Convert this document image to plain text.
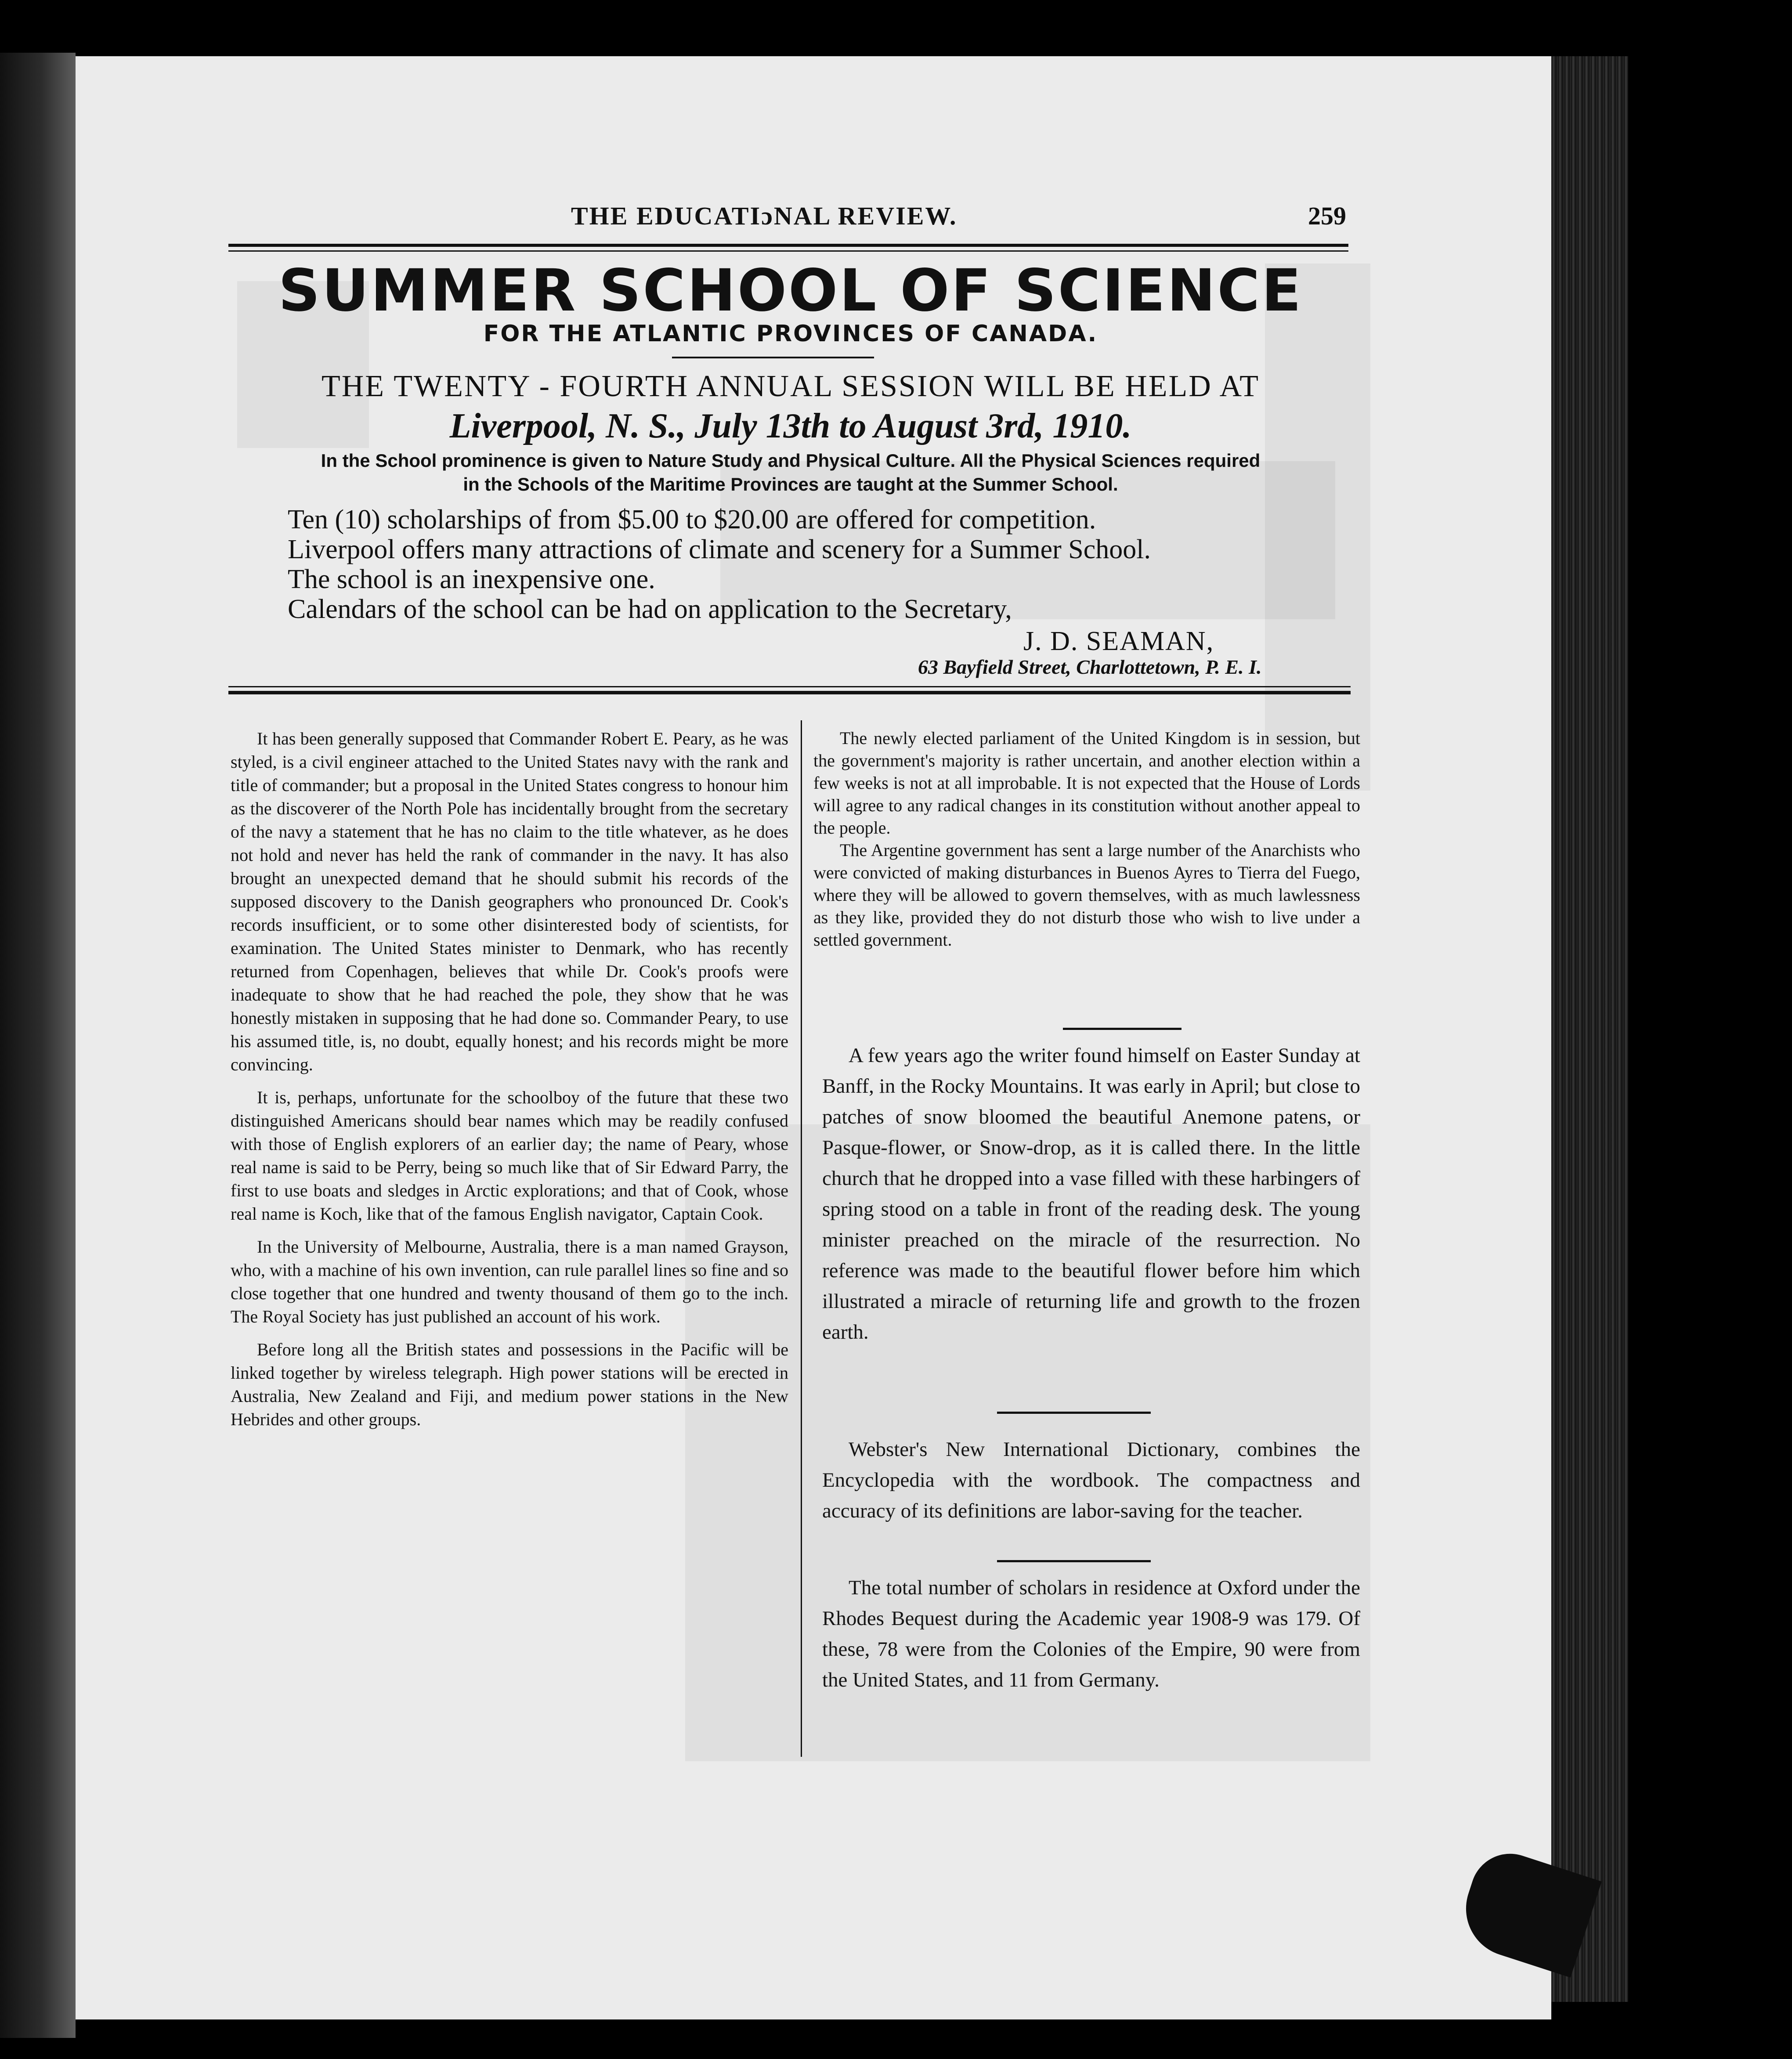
THE EDUCATIɔNAL REVIEW.	259
SUMMER SCHOOL OF SCIENCE
FOR THE ATLANTIC PROVINCES OF CANADA.
THE TWENTY - FOURTH ANNUAL SESSION WILL BE HELD AT
Liverpool, N. S., July 13th to August 3rd, 1910.
In the School prominence is given to Nature Study and Physical Culture. All the Physical Sciences required
in the Schools of the Maritime Provinces are taught at the Summer School.
Ten (10) scholarships of from $5.00 to $20.00 are offered for competition.
Liverpool offers many attractions of climate and scenery for a Summer School.
The school is an inexpensive one.
Calendars of the school can be had on application to the Secretary,
J. D. SEAMAN,
63 Bayfield Street, Charlottetown, P. E. I.

It has been generally supposed that Commander Robert E. Peary, as he was styled, is a civil engineer attached to the United States navy with the rank and title of commander; but a proposal in the United States congress to honour him as the discoverer of the North Pole has incidentally brought from the secretary of the navy a statement that he has no claim to the title whatever, as he does not hold and never has held the rank of commander in the navy. It has also brought an unexpected demand that he should submit his records of the supposed discovery to the Danish geographers who pronounced Dr. Cook's records insufficient, or to some other disinterested body of scientists, for examination. The United States minister to Denmark, who has recently returned from Copenhagen, believes that while Dr. Cook's proofs were inadequate to show that he had reached the pole, they show that he was honestly mistaken in supposing that he had done so. Commander Peary, to use his assumed title, is, no doubt, equally honest; and his records might be more convincing.

It is, perhaps, unfortunate for the schoolboy of the future that these two distinguished Americans should bear names which may be readily confused with those of English explorers of an earlier day; the name of Peary, whose real name is said to be Perry, being so much like that of Sir Edward Parry, the first to use boats and sledges in Arctic explorations; and that of Cook, whose real name is Koch, like that of the famous English navigator, Captain Cook.

In the University of Melbourne, Australia, there is a man named Grayson, who, with a machine of his own invention, can rule parallel lines so fine and so close together that one hundred and twenty thousand of them go to the inch. The Royal Society has just published an account of his work.

Before long all the British states and possessions in the Pacific will be linked together by wireless telegraph. High power stations will be erected in Australia, New Zealand and Fiji, and medium power stations in the New Hebrides and other groups.

The newly elected parliament of the United Kingdom is in session, but the government's majority is rather uncertain, and another election within a few weeks is not at all improbable. It is not expected that the House of Lords will agree to any radical changes in its constitution without another appeal to the people.

The Argentine government has sent a large number of the Anarchists who were convicted of making disturbances in Buenos Ayres to Tierra del Fuego, where they will be allowed to govern themselves, with as much lawlessness as they like, provided they do not disturb those who wish to live under a settled government.

A few years ago the writer found himself on Easter Sunday at Banff, in the Rocky Mountains. It was early in April; but close to patches of snow bloomed the beautiful Anemone patens, or Pasque-flower, or Snow-drop, as it is called there. In the little church that he dropped into a vase filled with these harbingers of spring stood on a table in front of the reading desk. The young minister preached on the miracle of the resurrection. No reference was made to the beautiful flower before him which illustrated a miracle of returning life and growth to the frozen earth.

Webster's New International Dictionary, combines the Encyclopedia with the wordbook. The compactness and accuracy of its definitions are labor-saving for the teacher.

The total number of scholars in residence at Oxford under the Rhodes Bequest during the Academic year 1908-9 was 179. Of these, 78 were from the Colonies of the Empire, 90 were from the United States, and 11 from Germany.
